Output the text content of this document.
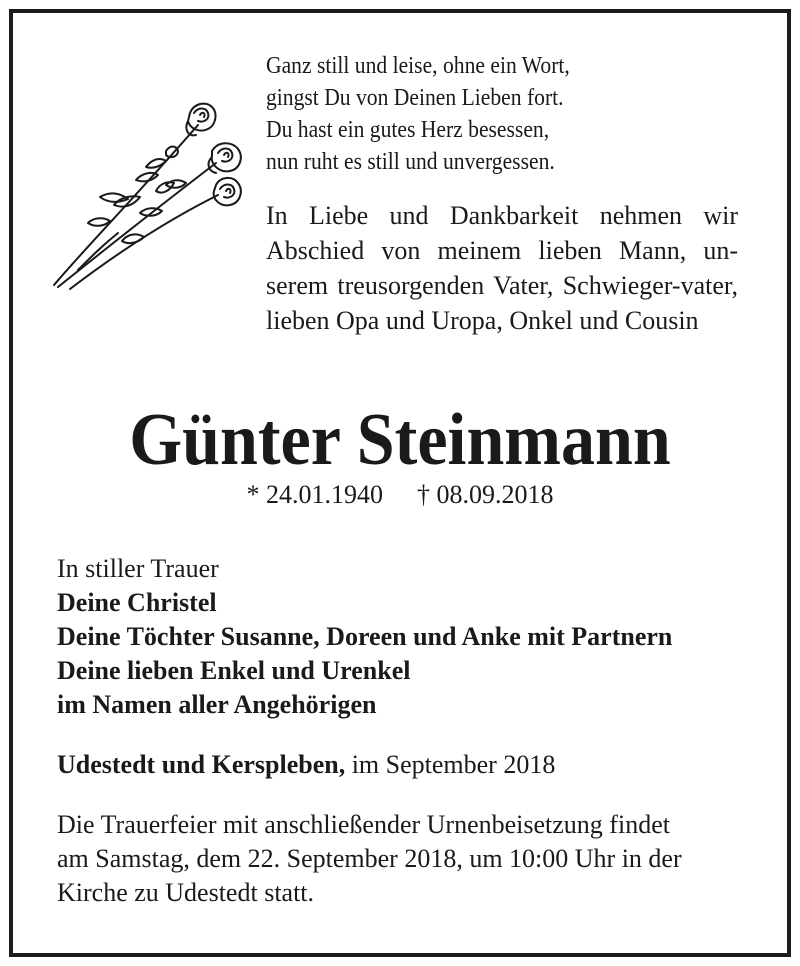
Ganz still und leise, ohne ein Wort,
gingst Du von Deinen Lieben fort.
Du hast ein gutes Herz besessen,
nun ruht es still und unvergessen.
In Liebe und Dankbarkeit nehmen wir Abschied von meinem lieben Mann, un-serem treusorgenden Vater, Schwieger-vater, lieben Opa und Uropa, Onkel und Cousin
Günter Steinmann
* 24.01.1940 † 08.09.2018
In stiller Trauer
Deine Christel
Deine Töchter Susanne, Doreen und Anke mit Partnern
Deine lieben Enkel und Urenkel
im Namen aller Angehörigen
Udestedt und Kerspleben, im September 2018
Die Trauerfeier mit anschließender Urnenbeisetzung findet
am Samstag, dem 22. September 2018, um 10:00 Uhr in der
Kirche zu Udestedt statt.
